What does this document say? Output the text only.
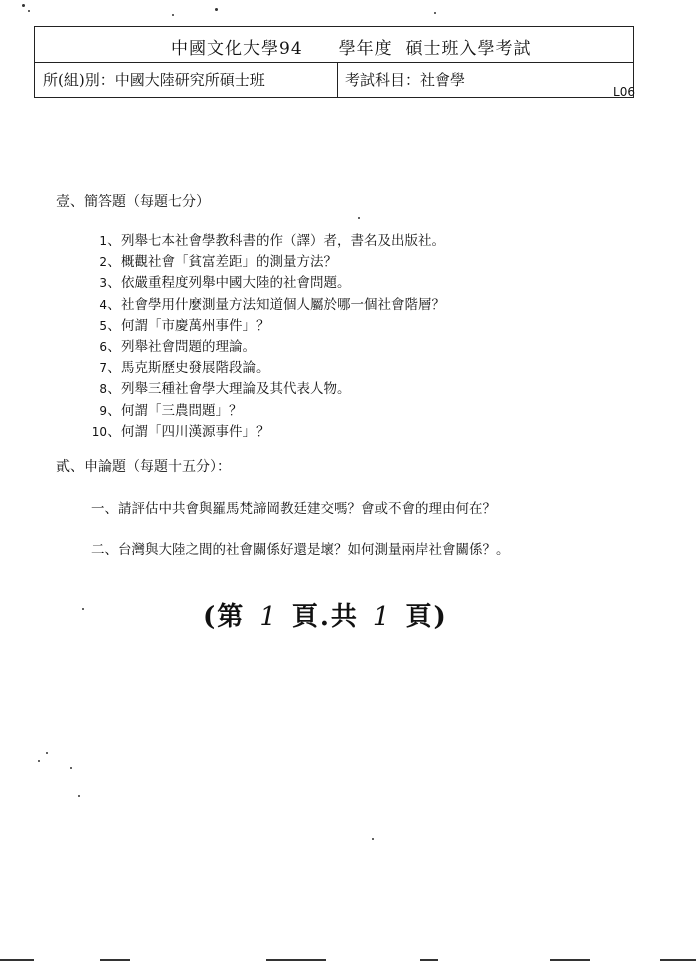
中國文化大學94 學年度 碩士班入學考試
所(組)別：中國大陸研究所碩士班	考試科目：社會學
L06
壹、簡答題（每題七分）
1 、 列舉七本社會學教科書的作（譯）者，書名及出版社。
2 、 概觀社會「貧富差距」的測量方法？
3 、 依嚴重程度列舉中國大陸的社會問題。
4 、 社會學用什麼測量方法知道個人屬於哪一個社會階層？
5 、 何謂「市慶萬州事件」？
6 、 列舉社會問題的理論。
7 、 馬克斯歷史發展階段論。
8 、 列舉三種社會學大理論及其代表人物。
9 、 何謂「三農問題」？
10 、 何謂「四川漢源事件」？
貳、申論題（每題十五分）：
一、請評估中共會與羅馬梵諦岡教廷建交嗎？會或不會的理由何在？
二、台灣與大陸之間的社會關係好還是壞？如何測量兩岸社會關係？。
(第 1 頁.共 1 頁)
